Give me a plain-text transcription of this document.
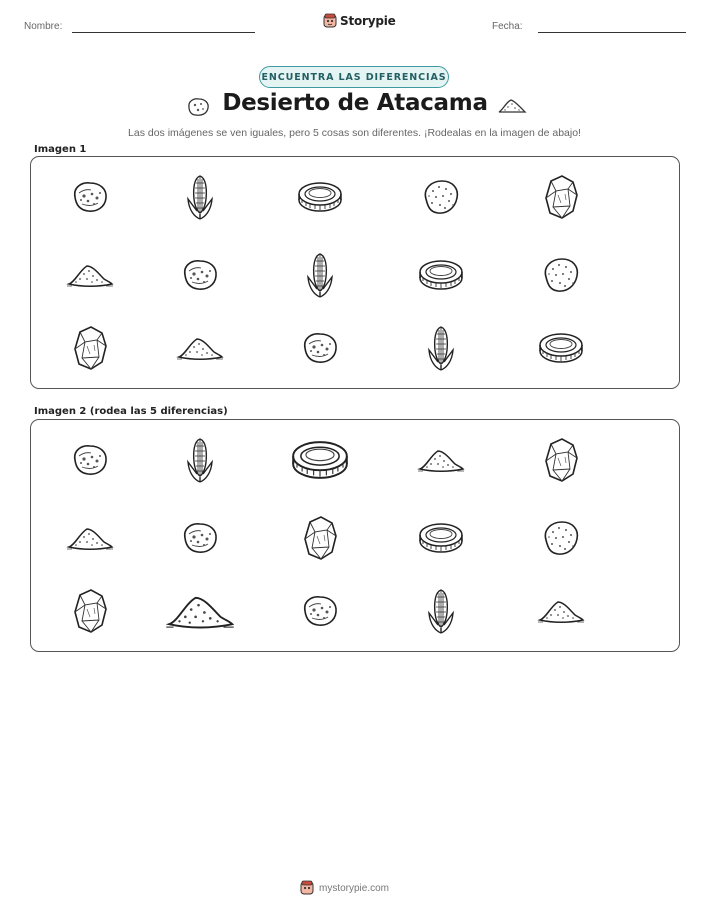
Nombre:	Storypie	Fecha:
ENCUENTRA LAS DIFERENCIAS
Desierto de Atacama
Las dos imágenes se ven iguales, pero 5 cosas son diferentes. ¡Rodealas en la imagen de abajo!
Imagen 1
Imagen 2 (rodea las 5 diferencias)
mystorypie.com
